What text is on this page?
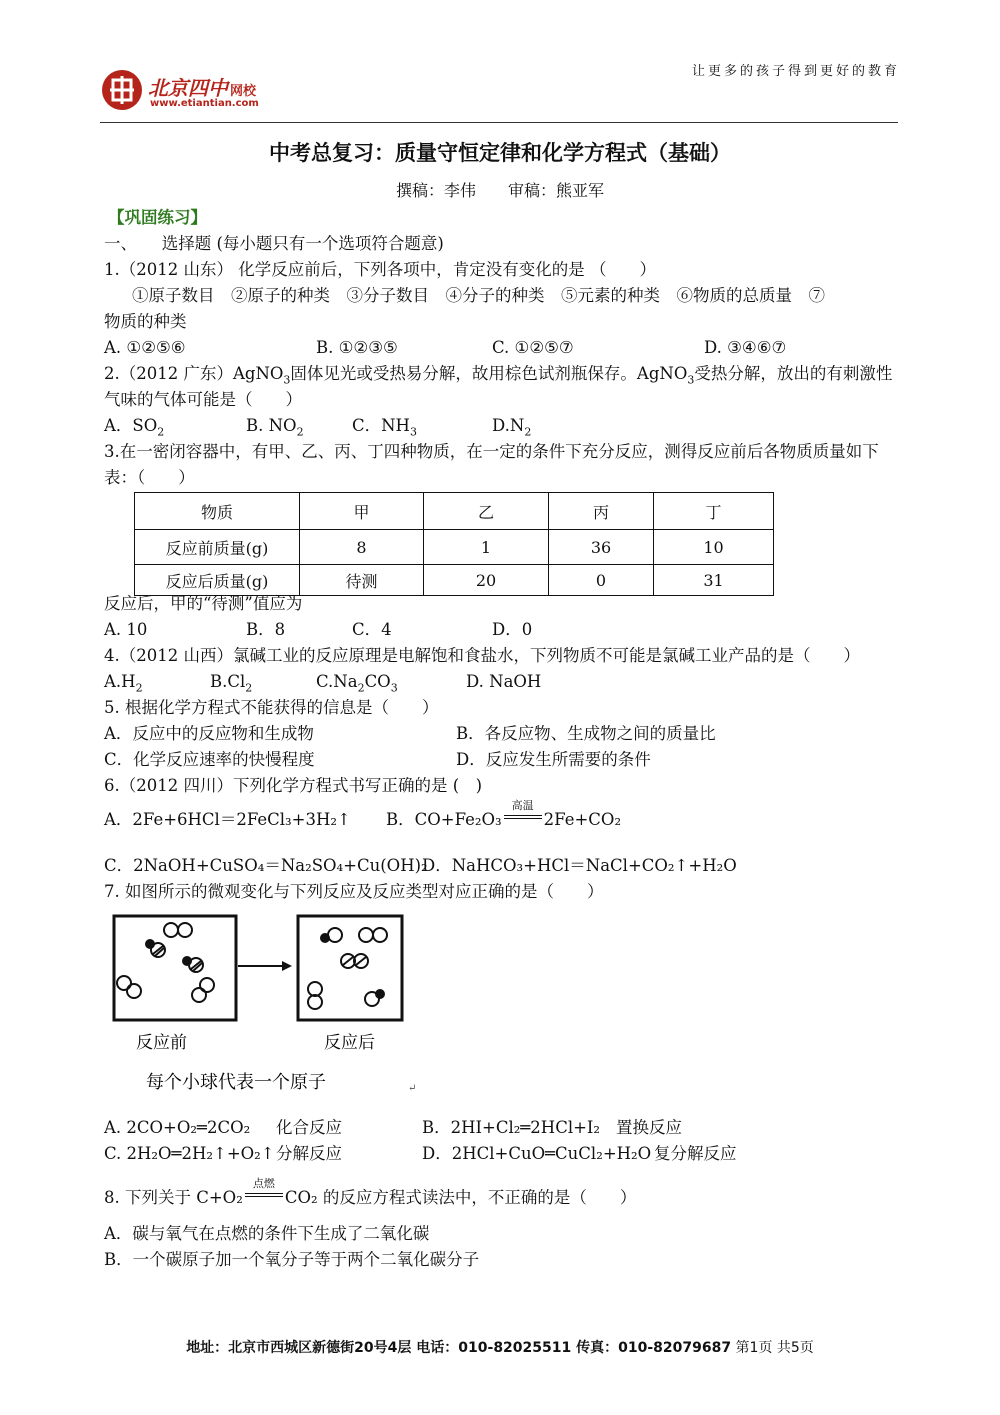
让更多的孩子得到更好的教育
北京四中 网校
www.etiantian.com
中考总复习：质量守恒定律和化学方程式（基础）
撰稿：李伟　　审稿：熊亚军
【巩固练习】
一、　　选择题 (每小题只有一个选项符合题意)
1.（2012 山东） 化学反应前后，下列各项中，肯定没有变化的是 （　　）
①原子数目　②原子的种类　③分子数目　④分子的种类　⑤元素的种类　⑥物质的总质量　⑦
物质的种类
A. ①②⑤⑥	B. ①②③⑤	C. ①②⑤⑦	D. ③④⑥⑦
2.（2012 广东）AgNO$_3$固体见光或受热易分解，故用棕色试剂瓶保存。AgNO$_3$受热分解，放出的有刺激性
气味的气体可能是（　　）
A．$SO_2$	B. $NO_2$	C．$NH_3$	$D.N_2$
3.在一密闭容器中，有甲、乙、丙、丁四种物质，在一定的条件下充分反应，测得反应前后各物质质量如下
表：（　　）
物质	甲	乙	丙	丁
反应前质量(g)	8	1	36	10
反应后质量(g)	待测	20	0	31
反应后，甲的“待测”值应为
A. 10	B．8	C．4	D．0
4.（2012 山西）氯碱工业的反应原理是电解饱和食盐水，下列物质不可能是氯碱工业产品的是（　　）
$A.H_2$	$B.Cl_2$	$C.Na_2CO_3$	D. NaOH
5. 根据化学方程式不能获得的信息是（　　）
A．反应中的反应物和生成物	B．各反应物、生成物之间的质量比
C．化学反应速率的快慢程度	D．反应发生所需要的条件
6.（2012 四川）下列化学方程式书写正确的是 (　)
A．2Fe+6HCl＝2FeCl₃+3H₂↑ B．CO+Fe₂O₃
高温
2Fe+CO₂
C．2NaOH+CuSO₄＝Na₂SO₄+Cu(OH)₂
D．NaHCO₃+HCl＝NaCl+CO₂↑+H₂O
7. 如图所示的微观变化与下列反应及反应类型对应正确的是（　　）
反应前	反应后
每个小球代表一个原子	↵
A. 2CO+O₂═2CO₂ 化合反应	B．2HI+Cl₂═2HCl+I₂ 置换反应
C. 2H₂O═2H₂↑+O₂↑ 分解反应	D．2HCl+CuO═CuCl₂+H₂O 复分解反应
8. 下列关于 C+O₂
点燃
CO₂ 的反应方程式读法中，不正确的是（　　）
A．碳与氧气在点燃的条件下生成了二氧化碳
B．一个碳原子加一个氧分子等于两个二氧化碳分子
地址：北京市西城区新德街20号4层 电话：010-82025511 传真：010-82079687 第1页 共5页
